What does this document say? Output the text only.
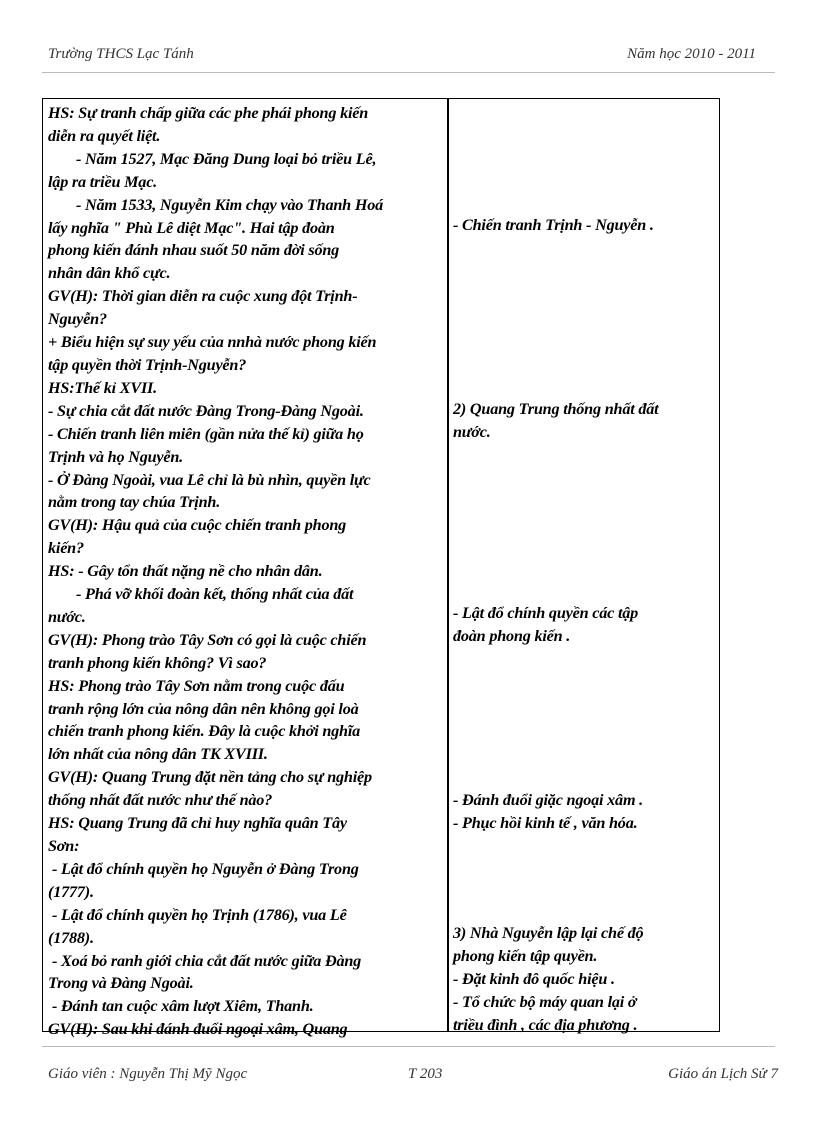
Trường THCS Lạc Tánh	Năm học 2010 - 2011
HS: Sự tranh chấp giữa các phe phái phong kiến
diễn ra quyết liệt.
- Năm 1527, Mạc Đăng Dung loại bỏ triều Lê,
lập ra triều Mạc.
- Năm 1533, Nguyễn Kim chạy vào Thanh Hoá
lấy nghĩa " Phù Lê diệt Mạc". Hai tập đoàn
phong kiến đánh nhau suốt 50 năm đời sống
nhân dân khổ cực.
GV(H): Thời gian diễn ra cuộc xung đột Trịnh-
Nguyễn?
+ Biểu hiện sự suy yếu của nnhà nước phong kiến
tập quyền thời Trịnh-Nguyễn?
HS:Thế kỉ XVII.
- Sự chia cắt đất nước Đàng Trong-Đàng Ngoài.
- Chiến tranh liên miên (gần nửa thế kỉ) giữa họ
Trịnh và họ Nguyễn.
- Ở Đàng Ngoài, vua Lê chỉ là bù nhìn, quyền lực
nằm trong tay chúa Trịnh.
GV(H): Hậu quả của cuộc chiến tranh phong
kiến?
HS: - Gây tổn thất nặng nề cho nhân dân.
- Phá vỡ khối đoàn kết, thống nhất của đất
nước.
GV(H): Phong trào Tây Sơn có gọi là cuộc chiến
tranh phong kiến không? Vì sao?
HS: Phong trào Tây Sơn nằm trong cuộc đấu
tranh rộng lớn của nông dân nên không gọi loà
chiến tranh phong kiến. Đây là cuộc khởi nghĩa
lớn nhất của nông dân TK XVIII.
GV(H): Quang Trung đặt nền tảng cho sự nghiệp
thống nhất đất nước như thế nào?
HS: Quang Trung đã chỉ huy nghĩa quân Tây
Sơn:
- Lật đổ chính quyền họ Nguyễn ở Đàng Trong
(1777).
- Lật đổ chính quyền họ Trịnh (1786), vua Lê
(1788).
- Xoá bỏ ranh giới chia cắt đất nước giữa Đàng
Trong và Đàng Ngoài.
- Đánh tan cuộc xâm lượt Xiêm, Thanh.
GV(H): Sau khi đánh đuổi ngoại xâm, Quang
- Chiến tranh Trịnh - Nguyễn .
2) Quang Trung thống nhất đất
nước.
- Lật đổ chính quyền các tập
đoàn phong kiến .
- Đánh đuổi giặc ngoại xâm .
- Phục hồi kinh tế , văn hóa.
3) Nhà Nguyễn lập lại chế độ
phong kiến tập quyền.
- Đặt kinh đô quốc hiệu .
- Tổ chức bộ máy quan lại ở
triều đình , các địa phương .
Giáo viên : Nguyễn Thị Mỹ Ngọc	T 203	Giáo án Lịch Sử 7
